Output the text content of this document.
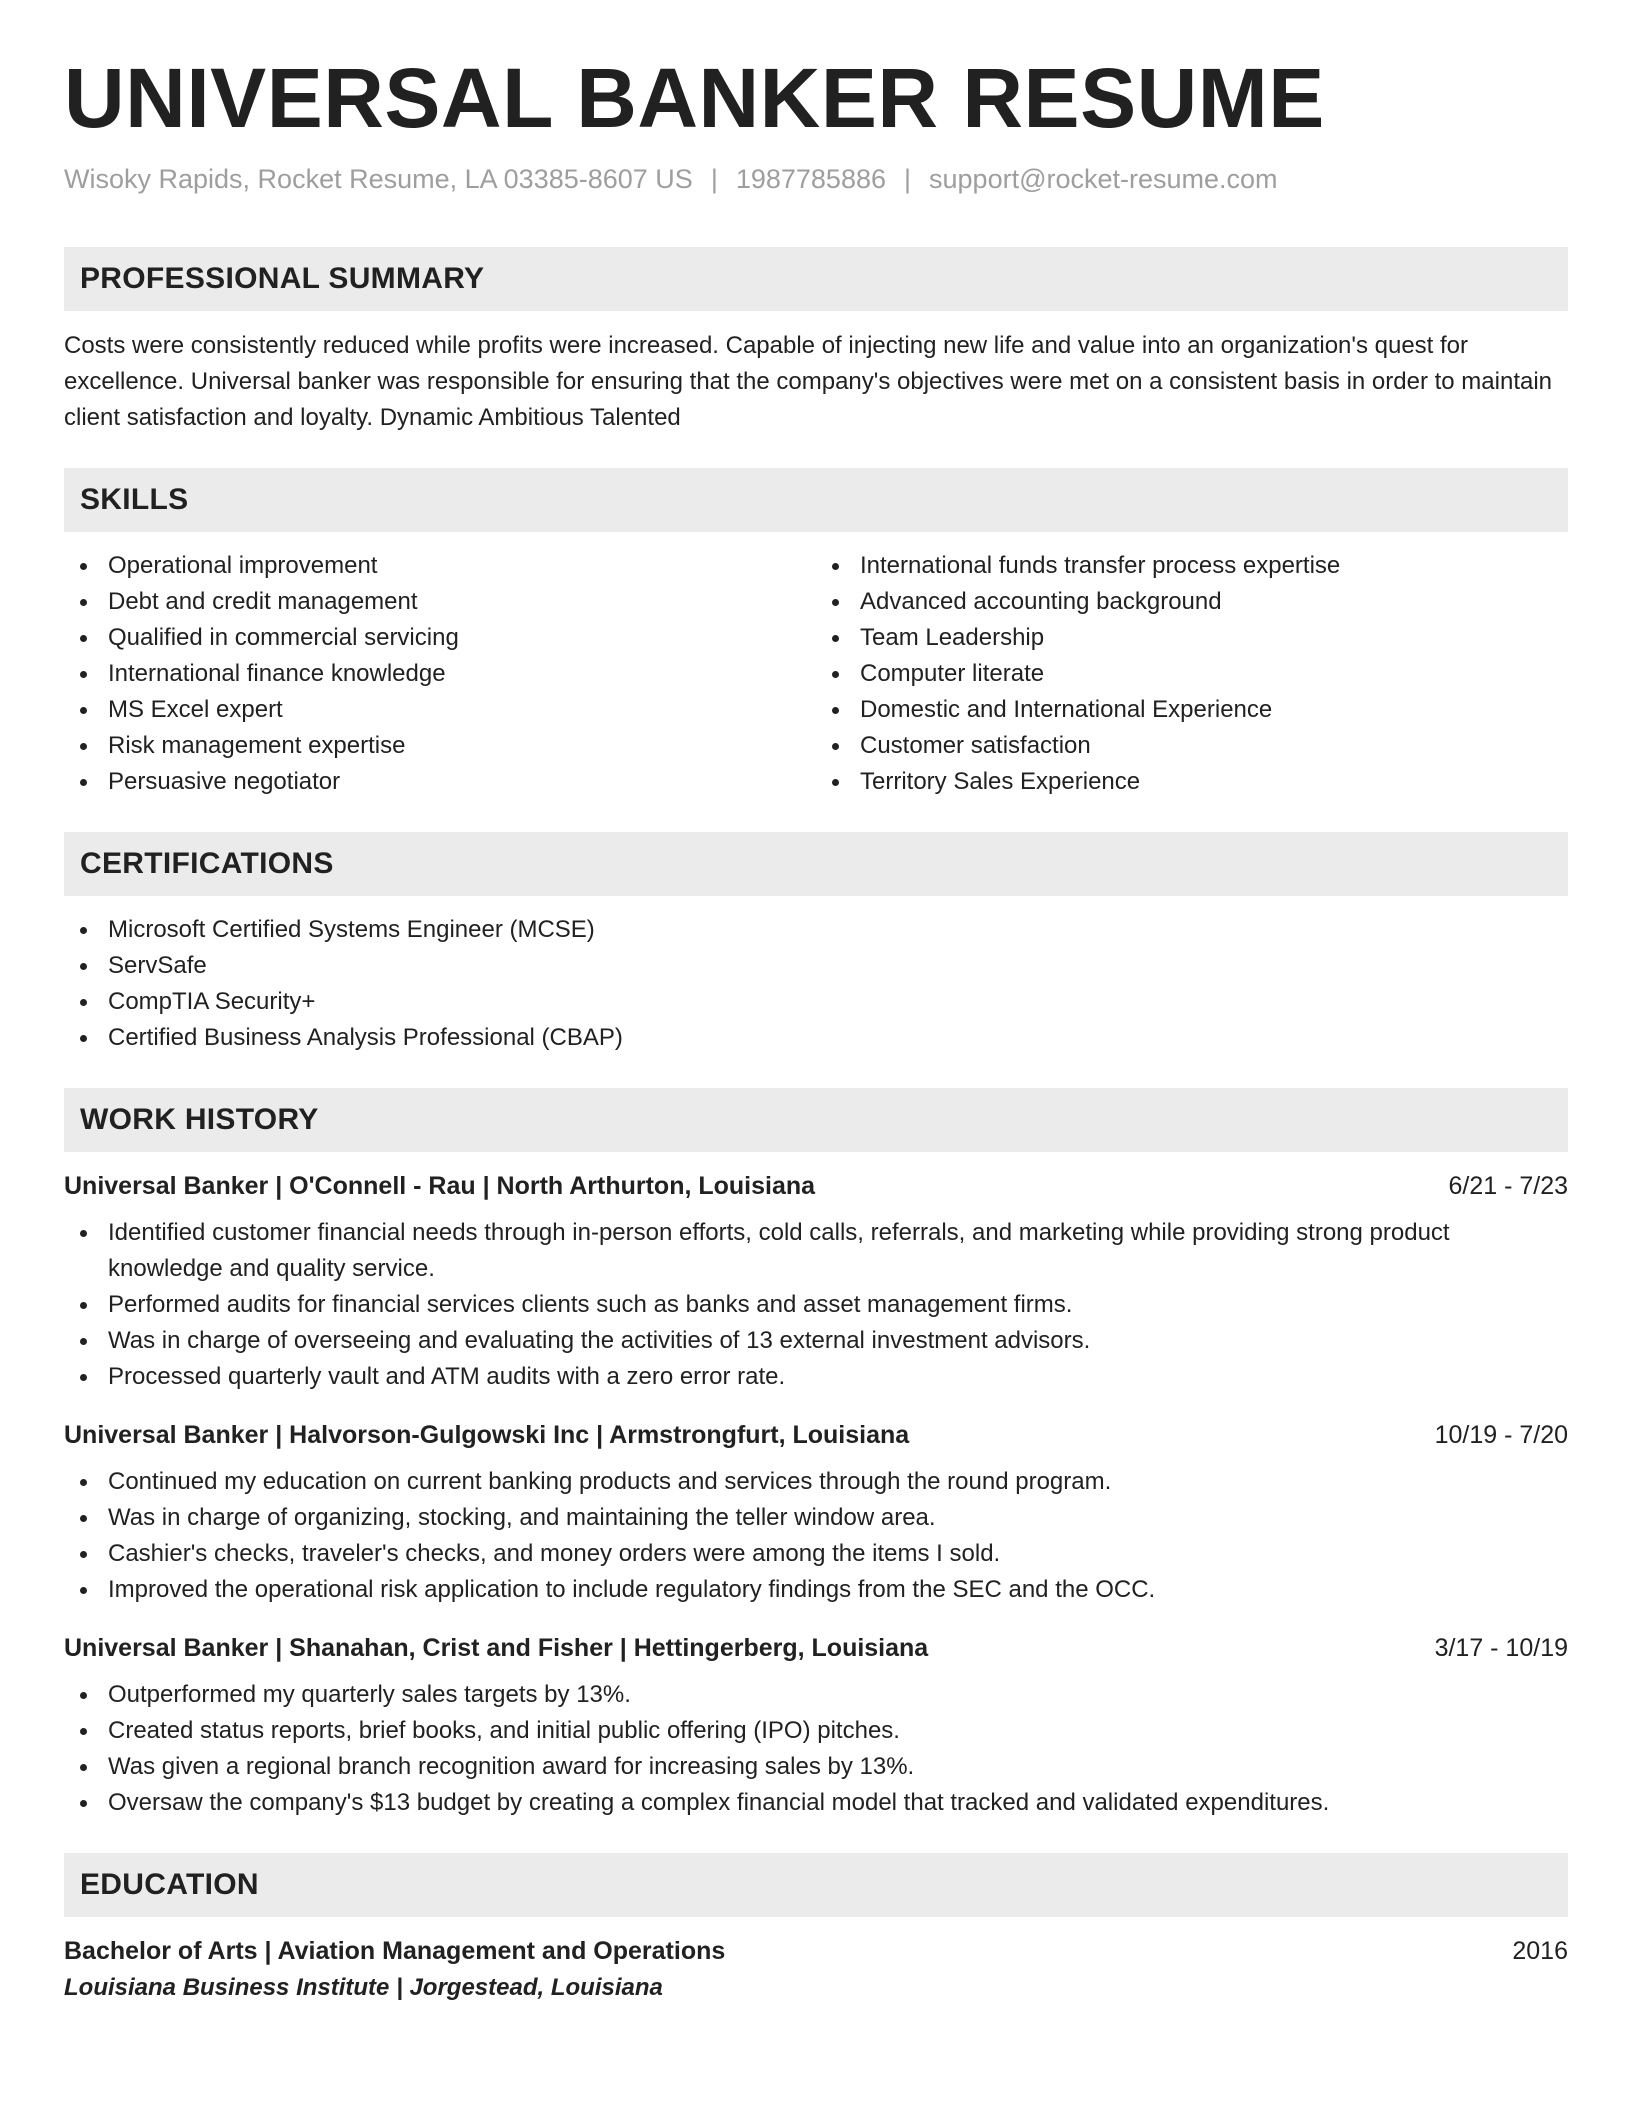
UNIVERSAL BANKER RESUME
Wisoky Rapids, Rocket Resume, LA 03385-8607 US | 1987785886 | support@rocket-resume.com
PROFESSIONAL SUMMARY

Costs were consistently reduced while profits were increased. Capable of injecting new life and value into an organization's quest for excellence. Universal banker was responsible for ensuring that the company's objectives were met on a consistent basis in order to maintain client satisfaction and loyalty. Dynamic Ambitious Talented

SKILLS
Operational improvement
Debt and credit management
Qualified in commercial servicing
International finance knowledge
MS Excel expert
Risk management expertise
Persuasive negotiator
International funds transfer process expertise
Advanced accounting background
Team Leadership
Computer literate
Domestic and International Experience
Customer satisfaction
Territory Sales Experience
CERTIFICATIONS
Microsoft Certified Systems Engineer (MCSE)
ServSafe
CompTIA Security+
Certified Business Analysis Professional (CBAP)
WORK HISTORY
Universal Banker | O'Connell - Rau | North Arthurton, Louisiana	6/21 - 7/23
Identified customer financial needs through in-person efforts, cold calls, referrals, and marketing while providing strong product knowledge and quality service.
Performed audits for financial services clients such as banks and asset management firms.
Was in charge of overseeing and evaluating the activities of 13 external investment advisors.
Processed quarterly vault and ATM audits with a zero error rate.
Universal Banker | Halvorson-Gulgowski Inc | Armstrongfurt, Louisiana	10/19 - 7/20
Continued my education on current banking products and services through the round program.
Was in charge of organizing, stocking, and maintaining the teller window area.
Cashier's checks, traveler's checks, and money orders were among the items I sold.
Improved the operational risk application to include regulatory findings from the SEC and the OCC.
Universal Banker | Shanahan, Crist and Fisher | Hettingerberg, Louisiana	3/17 - 10/19
Outperformed my quarterly sales targets by 13%.
Created status reports, brief books, and initial public offering (IPO) pitches.
Was given a regional branch recognition award for increasing sales by 13%.
Oversaw the company's $13 budget by creating a complex financial model that tracked and validated expenditures.
EDUCATION
Bachelor of Arts | Aviation Management and Operations	2016
Louisiana Business Institute | Jorgestead, Louisiana
